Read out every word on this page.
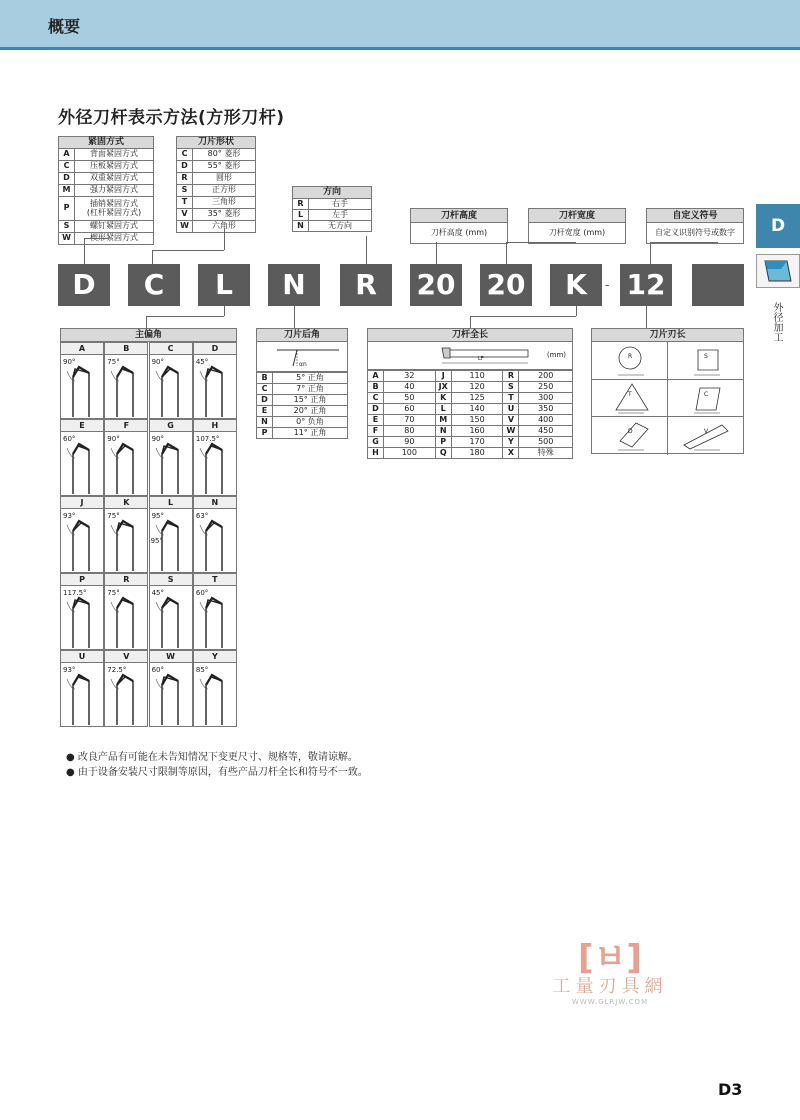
概要
外径刀杆表示方法(方形刀杆)
紧固方式	
A	背面紧固方式
C	压板紧固方式
D	双重紧固方式
M	强力紧固方式
P	插销紧固方式
(杠杆紧固方式)

S	螺钉紧固方式
W	楔形紧固方式
刀片形状	
C	80° 菱形
D	55° 菱形
R	圆形
S	正方形
T	三角形
V	35° 菱形
W	六角形
方向	
R	右手
L	左手
N	无方向
刀杆高度
刀杆高度 (mm)
刀杆宽度
刀杆宽度 (mm)
自定义符号
自定义识别符号或数字
D	C	L	N	R	20 20	K	- 12
D
外径加工
主偏角
A
90°
B
75°
C
90°
D
45°
E
60°
F
90°
G
90°
H
107.5°
J
93°
K
75°
L
95°
95°
N
63°
P
117.5°
R
75°
S
45°
T
60°
U
93°
V
72.5°
W
60°
Y
85°
刀片后角
αn
B	5° 正角
C	7° 正角
D	15° 正角
E	20° 正角
N	0° 负角
P	11° 正角
刀杆全长
LF	(mm)
A	32	J	110	R	200
B	40	JX	120	S	250
C	50	K	125	T	300
D	60	L	140	U	350
E	70	M	150	V	400
F	80	N	160	W	450
G	90	P	170	Y	500
H	100	Q	180	X	特殊
刀片刃长
R	S
T	C
D	V
● 改良产品有可能在未告知情况下变更尺寸、规格等，敬请谅解。
● 由于设备安装尺寸限制等原因，有些产品刀杆全长和符号不一致。
[ㅂ]
工量刃具網
WWW.GLRJW.COM
D3
